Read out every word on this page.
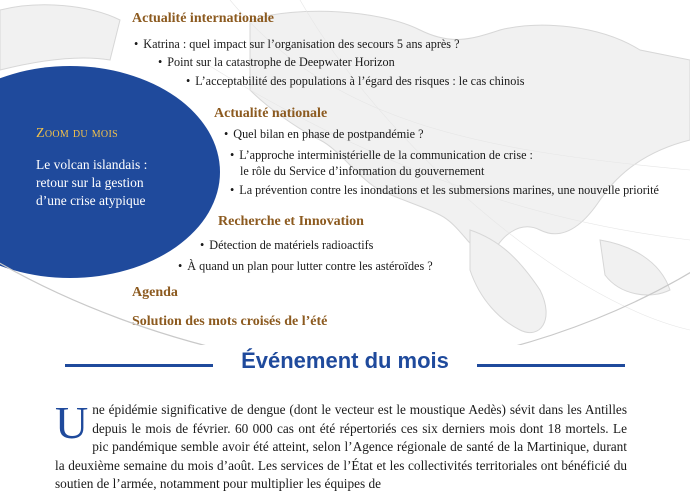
Zoom du mois
Le volcan islandais :
retour sur la gestion
d’une crise atypique
Actualité internationale
• Katrina : quel impact sur l’organisation des secours 5 ans après ?
• Point sur la catastrophe de Deepwater Horizon
• L’acceptabilité des populations à l’égard des risques : le cas chinois
Actualité nationale
• Quel bilan en phase de postpandémie ?
• L’approche interministérielle de la communication de crise :
le rôle du Service d’information du gouvernement
• La prévention contre les inondations et les submersions marines, une nouvelle priorité
Recherche et Innovation
• Détection de matériels radioactifs
• À quand un plan pour lutter contre les astéroïdes ?
Agenda
Solution des mots croisés de l’été
Événement du mois
U ne épidémie significative de dengue (dont le vecteur est le moustique Aedès) sévit dans les Antilles depuis le mois de février. 60 000 cas ont été répertoriés ces six derniers mois dont 18 mortels. Le pic pandémique semble avoir été atteint, selon l’Agence régionale de santé de la Martinique, durant la deuxième semaine du mois d’août. Les services de l’État et les collectivités territoriales ont bénéficié du soutien de l’armée, notamment pour multiplier les équipes de
